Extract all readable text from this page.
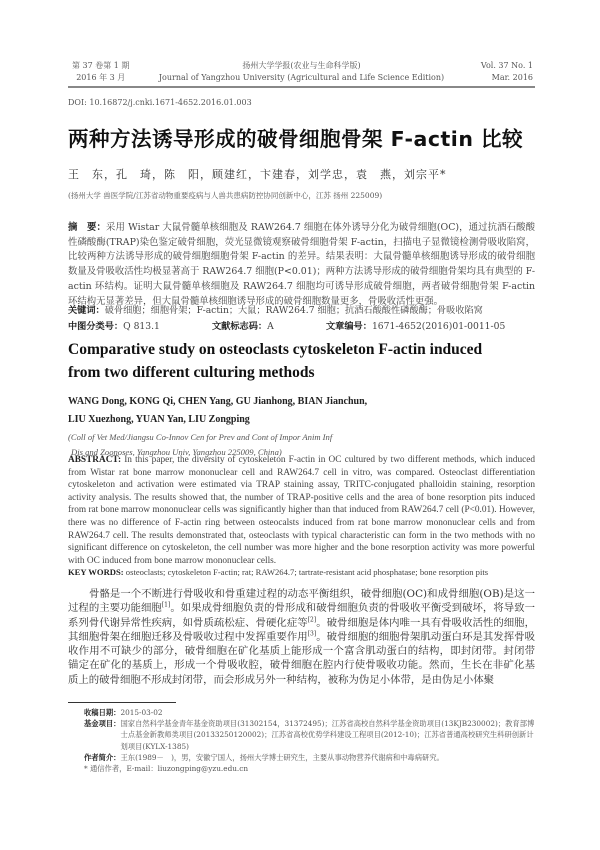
第 37 卷第 1 期
2016 年 3 月
扬州大学学报(农业与生命科学版)
Journal of Yangzhou University (Agricultural and Life Science Edition)
Vol. 37 No. 1
Mar. 2016
DOI: 10.16872/j.cnki.1671-4652.2016.01.003
两种方法诱导形成的破骨细胞骨架 F-actin 比较
王　东，孔　琦，陈　阳，顾建红，卞建春，刘学忠，袁　燕，刘宗平*
(扬州大学 兽医学院/江苏省动物重要疫病与人兽共患病防控协同创新中心，江苏 扬州 225009)
摘　要：采用 Wistar 大鼠骨髓单核细胞及 RAW264.7 细胞在体外诱导分化为破骨细胞(OC)，通过抗酒石酸酸性磷酸酶(TRAP)染色鉴定破骨细胞，荧光显微镜观察破骨细胞骨架 F-actin，扫描电子显微镜检测骨吸收陷窝，比较两种方法诱导形成的破骨细胞细胞骨架 F-actin 的差异。结果表明：大鼠骨髓单核细胞诱导形成的破骨细胞数量及骨吸收活性均极显著高于 RAW264.7 细胞(P<0.01)；两种方法诱导形成的破骨细胞骨架均具有典型的 F-actin 环结构。证明大鼠骨髓单核细胞及 RAW264.7 细胞均可诱导形成破骨细胞，两者破骨细胞骨架 F-actin 环结构无显著差异，但大鼠骨髓单核细胞诱导形成的破骨细胞数量更多，骨吸收活性更强。
关键词：破骨细胞；细胞骨架；F-actin；大鼠；RAW264.7 细胞；抗酒石酸酸性磷酸酶；骨吸收陷窝
中图分类号：Q 813.1	文献标志码：A	文章编号：1671-4652(2016)01-0011-05
Comparative study on osteoclasts cytoskeleton F-actin induced from two different culturing methods
WANG Dong, KONG Qi, CHEN Yang, GU Jianhong, BIAN Jianchun,
LIU Xuezhong, YUAN Yan, LIU Zongping
(Coll of Vet Med/Jiangsu Co-Innov Cen for Prev and Cont of Impor Anim Inf
Dis and Zoonoses, Yangzhou Univ, Yangzhou 225009, China)
ABSTRACT: In this paper, the diversity of cytoskeleton F-actin in OC cultured by two different methods, which induced from Wistar rat bone marrow mononuclear cell and RAW264.7 cell in vitro, was compared. Osteoclast differentiation cytoskeleton and activation were estimated via TRAP staining assay, TRITC-conjugated phalloidin staining, resorption activity analysis. The results showed that, the number of TRAP-positive cells and the area of bone resorption pits induced from rat bone marrow mononuclear cells was significantly higher than that induced from RAW264.7 cell (P<0.01). However, there was no difference of F-actin ring between osteocalsts induced from rat bone marrow mononuclear cells and from RAW264.7 cell. The results demonstrated that, osteoclasts with typical characteristic can form in the two methods with no significant difference on cytoskeleton, the cell number was more higher and the bone resorption activity was more powerful with OC induced from bone marrow mononuclear cells.
KEY WORDS: osteoclasts; cytoskeleton F-actin; rat; RAW264.7; tartrate-resistant acid phosphatase; bone resorption pits
骨骼是一个不断进行骨吸收和骨重建过程的动态平衡组织，破骨细胞(OC)和成骨细胞(OB)是这一过程的主要功能细胞[1]。如果成骨细胞负责的骨形成和破骨细胞负责的骨吸收平衡受到破坏，将导致一系列骨代谢异常性疾病，如骨质疏松症、骨硬化症等[2]。破骨细胞是体内唯一具有骨吸收活性的细胞，其细胞骨架在细胞迁移及骨吸收过程中发挥重要作用[3]。破骨细胞的细胞骨架肌动蛋白环是其发挥骨吸收作用不可缺少的部分，破骨细胞在矿化基质上能形成一个富含肌动蛋白的结构，即封闭带。封闭带锚定在矿化的基质上，形成一个骨吸收腔，破骨细胞在腔内行使骨吸收功能。然而，生长在非矿化基质上的破骨细胞不形成封闭带，而会形成另外一种结构，被称为伪足小体带，是由伪足小体聚
收稿日期： 2015-03-02
基金项目： 国家自然科学基金青年基金资助项目(31302154，31372495)；江苏省高校自然科学基金资助项目(13KJB230002)；教育部博士点基金新教师类项目(20133250120002)；江苏省高校优势学科建设工程项目(2012-10)；江苏省普通高校研究生科研创新计划项目(KYLX-1385)
作者简介： 王东(1989－　)，男，安徽宁国人，扬州大学博士研究生，主要从事动物营养代谢病和中毒病研究。
* 通信作者，E-mail：liuzongping@yzu.edu.cn
